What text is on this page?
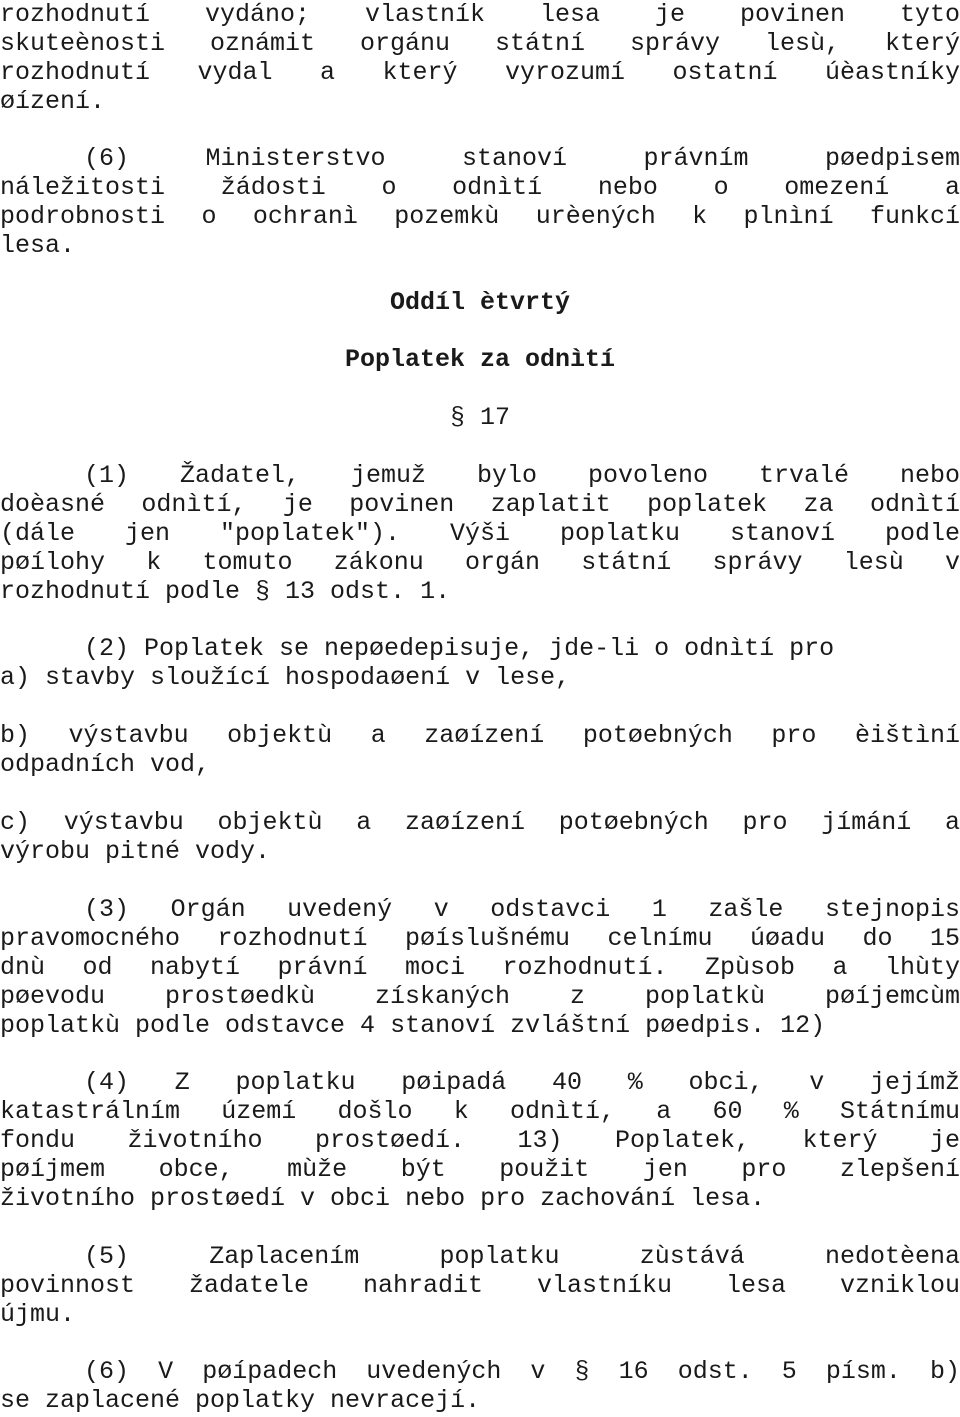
rozhodnutí vydáno; vlastník lesa je povinen tyto
skuteènosti oznámit orgánu státní správy lesù, který
rozhodnutí vydal a který vyrozumí ostatní úèastníky
øízení.
(6) Ministerstvo stanoví právním pøedpisem
náležitosti žádosti o odnìtí nebo o omezení a
podrobnosti o ochranì pozemkù urèených k plnìní funkcí
lesa.
Oddíl ètvrtý
Poplatek za odnìtí
§ 17
(1) Žadatel, jemuž bylo povoleno trvalé nebo
doèasné odnìtí, je povinen zaplatit poplatek za odnìtí
(dále jen "poplatek"). Výši poplatku stanoví podle
pøílohy k tomuto zákonu orgán státní správy lesù v
rozhodnutí podle § 13 odst. 1.
(2) Poplatek se nepøedepisuje, jde-li o odnìtí pro
a) stavby sloužící hospodaøení v lese,
b) výstavbu objektù a zaøízení potøebných pro èištìní
odpadních vod,
c) výstavbu objektù a zaøízení potøebných pro jímání a
výrobu pitné vody.
(3) Orgán uvedený v odstavci 1 zašle stejnopis
pravomocného rozhodnutí pøíslušnému celnímu úøadu do 15
dnù od nabytí právní moci rozhodnutí. Zpùsob a lhùty
pøevodu prostøedkù získaných z poplatkù pøíjemcùm
poplatkù podle odstavce 4 stanoví zvláštní pøedpis. 12)
(4) Z poplatku pøipadá 40 % obci, v jejímž
katastrálním území došlo k odnìtí, a 60 % Státnímu
fondu životního prostøedí. 13) Poplatek, který je
pøíjmem obce, mùže být použit jen pro zlepšení
životního prostøedí v obci nebo pro zachování lesa.
(5) Zaplacením poplatku zùstává nedotèena
povinnost žadatele nahradit vlastníku lesa vzniklou
újmu.
(6) V pøípadech uvedených v § 16 odst. 5 písm. b)
se zaplacené poplatky nevracejí.
